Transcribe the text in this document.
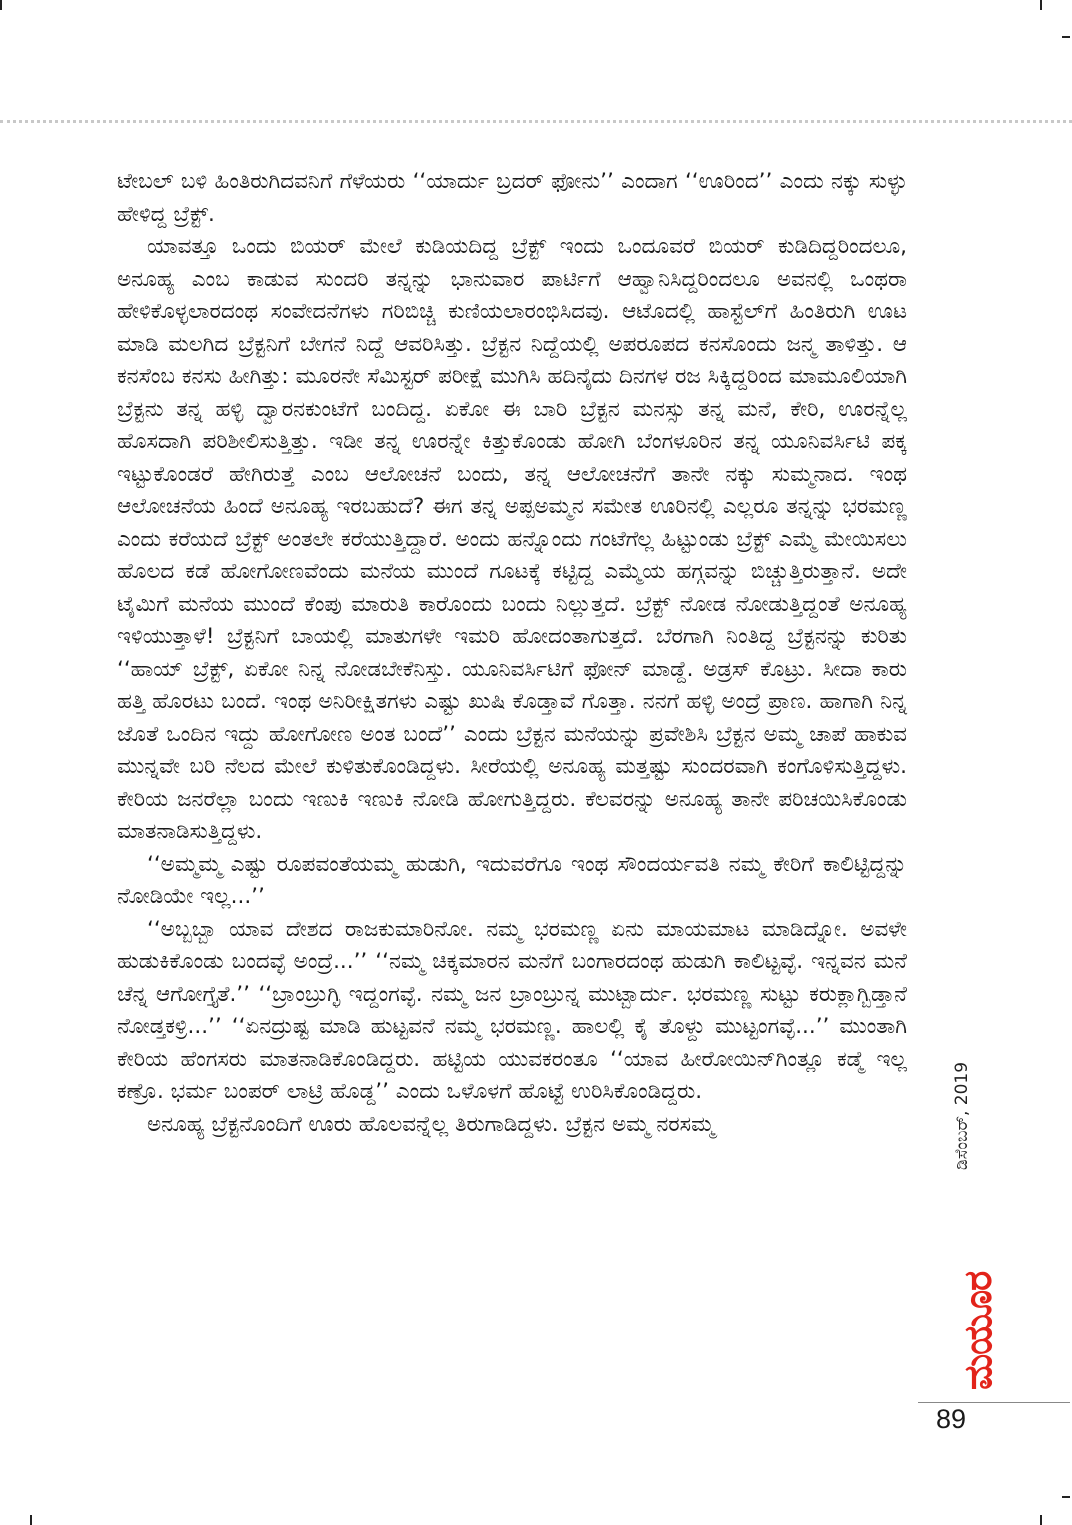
ಟೇಬಲ್ ಬಳಿ ಹಿಂತಿರುಗಿದವನಿಗೆ ಗೆಳೆಯರು ‘‘ಯಾರ್ದು ಬ್ರದರ್ ಫೋನು’’ ಎಂದಾಗ ‘‘ಊರಿಂದ’’ ಎಂದು ನಕ್ಕು ಸುಳ್ಳು ಹೇಳಿದ್ದ ಬ್ರೆಕ್ಟ್.

ಯಾವತ್ತೂ ಒಂದು ಬಿಯರ್ ಮೇಲೆ ಕುಡಿಯದಿದ್ದ ಬ್ರೆಕ್ಟ್ ಇಂದು ಒಂದೂವರೆ ಬಿಯರ್ ಕುಡಿದಿದ್ದರಿಂದಲೂ, ಅನೂಹ್ಯ ಎಂಬ ಕಾಡುವ ಸುಂದರಿ ತನ್ನನ್ನು ಭಾನುವಾರ ಪಾರ್ಟಿಗೆ ಆಹ್ವಾನಿಸಿದ್ದರಿಂದಲೂ ಅವನಲ್ಲಿ ಒಂಥರಾ ಹೇಳಿಕೊಳ್ಳಲಾರದಂಥ ಸಂವೇದನೆಗಳು ಗರಿಬಿಚ್ಚಿ ಕುಣಿಯಲಾರಂಭಿಸಿದವು. ಆಟೊದಲ್ಲಿ ಹಾಸ್ಟೆಲ್‌ಗೆ ಹಿಂತಿರುಗಿ ಊಟ ಮಾಡಿ ಮಲಗಿದ ಬ್ರೆಕ್ಟನಿಗೆ ಬೇಗನೆ ನಿದ್ದೆ ಆವರಿಸಿತ್ತು. ಬ್ರೆಕ್ಟನ ನಿದ್ದೆಯಲ್ಲಿ ಅಪರೂಪದ ಕನಸೊಂದು ಜನ್ಮ ತಾಳಿತ್ತು. ಆ ಕನಸೆಂಬ ಕನಸು ಹೀಗಿತ್ತು: ಮೂರನೇ ಸೆಮಿಸ್ಟರ್ ಪರೀಕ್ಷೆ ಮುಗಿಸಿ ಹದಿನೈದು ದಿನಗಳ ರಜ ಸಿಕ್ಕಿದ್ದರಿಂದ ಮಾಮೂಲಿಯಾಗಿ ಬ್ರೆಕ್ಟನು ತನ್ನ ಹಳ್ಳಿ ದ್ವಾರನಕುಂಟೆಗೆ ಬಂದಿದ್ದ. ಏಕೋ ಈ ಬಾರಿ ಬ್ರೆಕ್ಟನ ಮನಸ್ಸು ತನ್ನ ಮನೆ, ಕೇರಿ, ಊರನ್ನೆಲ್ಲ ಹೊಸದಾಗಿ ಪರಿಶೀಲಿಸುತ್ತಿತ್ತು. ಇಡೀ ತನ್ನ ಊರನ್ನೇ ಕಿತ್ತುಕೊಂಡು ಹೋಗಿ ಬೆಂಗಳೂರಿನ ತನ್ನ ಯೂನಿವರ್ಸಿಟಿ ಪಕ್ಕ ಇಟ್ಟುಕೊಂಡರೆ ಹೇಗಿರುತ್ತೆ ಎಂಬ ಆಲೋಚನೆ ಬಂದು, ತನ್ನ ಆಲೋಚನೆಗೆ ತಾನೇ ನಕ್ಕು ಸುಮ್ಮನಾದ. ಇಂಥ ಆಲೋಚನೆಯ ಹಿಂದೆ ಅನೂಹ್ಯ ಇರಬಹುದೆ? ಈಗ ತನ್ನ ಅಪ್ಪಅಮ್ಮನ ಸಮೇತ ಊರಿನಲ್ಲಿ ಎಲ್ಲರೂ ತನ್ನನ್ನು ಭರಮಣ್ಣ ಎಂದು ಕರೆಯದೆ ಬ್ರೆಕ್ಟ್ ಅಂತಲೇ ಕರೆಯುತ್ತಿದ್ದಾರೆ. ಅಂದು ಹನ್ನೊಂದು ಗಂಟೆಗೆಲ್ಲ ಹಿಟ್ಟುಂಡು ಬ್ರೆಕ್ಟ್ ಎಮ್ಮೆ ಮೇಯಿಸಲು ಹೊಲದ ಕಡೆ ಹೋಗೋಣವೆಂದು ಮನೆಯ ಮುಂದೆ ಗೂಟಕ್ಕೆ ಕಟ್ಟಿದ್ದ ಎಮ್ಮೆಯ ಹಗ್ಗವನ್ನು ಬಿಚ್ಚುತ್ತಿರುತ್ತಾನೆ. ಅದೇ ಟೈಮಿಗೆ ಮನೆಯ ಮುಂದೆ ಕೆಂಪು ಮಾರುತಿ ಕಾರೊಂದು ಬಂದು ನಿಲ್ಲುತ್ತದೆ. ಬ್ರೆಕ್ಟ್ ನೋಡ ನೋಡುತ್ತಿದ್ದಂತೆ ಅನೂಹ್ಯ ಇಳಿಯುತ್ತಾಳೆ! ಬ್ರೆಕ್ಟನಿಗೆ ಬಾಯಲ್ಲಿ ಮಾತುಗಳೇ ಇಮರಿ ಹೋದಂತಾಗುತ್ತದೆ. ಬೆರಗಾಗಿ ನಿಂತಿದ್ದ ಬ್ರೆಕ್ಟನನ್ನು ಕುರಿತು ‘‘ಹಾಯ್ ಬ್ರೆಕ್ಟ್, ಏಕೋ ನಿನ್ನ ನೋಡಬೇಕೆನಿಸ್ತು. ಯೂನಿವರ್ಸಿಟಿಗೆ ಫೋನ್ ಮಾಡ್ದೆ. ಅಡ್ರಸ್ ಕೊಟ್ರು. ಸೀದಾ ಕಾರು ಹತ್ತಿ ಹೊರಟು ಬಂದೆ. ಇಂಥ ಅನಿರೀಕ್ಷಿತಗಳು ಎಷ್ಟು ಖುಷಿ ಕೊಡ್ತಾವೆ ಗೊತ್ತಾ. ನನಗೆ ಹಳ್ಳಿ ಅಂದ್ರೆ ಪ್ರಾಣ. ಹಾಗಾಗಿ ನಿನ್ನ ಜೊತೆ ಒಂದಿನ ಇದ್ದು ಹೋಗೋಣ ಅಂತ ಬಂದೆ’’ ಎಂದು ಬ್ರೆಕ್ಟನ ಮನೆಯನ್ನು ಪ್ರವೇಶಿಸಿ ಬ್ರೆಕ್ಟನ ಅಮ್ಮ ಚಾಪೆ ಹಾಕುವ ಮುನ್ನವೇ ಬರಿ ನೆಲದ ಮೇಲೆ ಕುಳಿತುಕೊಂಡಿದ್ದಳು. ಸೀರೆಯಲ್ಲಿ ಅನೂಹ್ಯ ಮತ್ತಷ್ಟು ಸುಂದರವಾಗಿ ಕಂಗೊಳಿಸುತ್ತಿದ್ದಳು. ಕೇರಿಯ ಜನರೆಲ್ಲಾ ಬಂದು ಇಣುಕಿ ಇಣುಕಿ ನೋಡಿ ಹೋಗುತ್ತಿದ್ದರು. ಕೆಲವರನ್ನು ಅನೂಹ್ಯ ತಾನೇ ಪರಿಚಯಿಸಿಕೊಂಡು ಮಾತನಾಡಿಸುತ್ತಿದ್ದಳು.

‘‘ಅಮ್ಮಮ್ಮ ಎಷ್ಟು ರೂಪವಂತೆಯಮ್ಮ ಹುಡುಗಿ, ಇದುವರೆಗೂ ಇಂಥ ಸೌಂದರ್ಯವತಿ ನಮ್ಮ ಕೇರಿಗೆ ಕಾಲಿಟ್ಟಿದ್ದನ್ನು ನೋಡಿಯೇ ಇಲ್ಲ...’’

‘‘ಅಬ್ಬಬ್ಬಾ ಯಾವ ದೇಶದ ರಾಜಕುಮಾರಿನೋ. ನಮ್ಮ ಭರಮಣ್ಣ ಏನು ಮಾಯಮಾಟ ಮಾಡಿದ್ನೋ. ಅವಳೇ ಹುಡುಕಿಕೊಂಡು ಬಂದವ್ಳೆ ಅಂದ್ರೆ...’’ ‘‘ನಮ್ಮ ಚಿಕ್ಕಮಾರನ ಮನೆಗೆ ಬಂಗಾರದಂಥ ಹುಡುಗಿ ಕಾಲಿಟ್ಟವ್ಳೆ. ಇನ್ನವನ ಮನೆ ಚೆನ್ನ ಆಗೋಗ್ತೈತೆ.’’ ‘‘ಬ್ರಾಂಬ್ರುಗ್ಳಿ ಇದ್ದಂಗವ್ಳೆ. ನಮ್ಮ ಜನ ಬ್ರಾಂಬ್ರುನ್ನ ಮುಟ್ಬಾರ್ದು. ಭರಮಣ್ಣ ಸುಟ್ಟು ಕರುಕ್ಲಾಗ್ಬಿಡ್ತಾನೆ ನೋಡ್ತಕಳ್ರಿ...’’ ‘‘ಏನದ್ರುಷ್ಟ ಮಾಡಿ ಹುಟ್ಟವನೆ ನಮ್ಮ ಭರಮಣ್ಣ. ಹಾಲಲ್ಲಿ ಕೈ ತೊಳ್ದು ಮುಟ್ಟಂಗವ್ಳೆ...’’ ಮುಂತಾಗಿ ಕೇರಿಯ ಹೆಂಗಸರು ಮಾತನಾಡಿಕೊಂಡಿದ್ದರು. ಹಟ್ಟಿಯ ಯುವಕರಂತೂ ‘‘ಯಾವ ಹೀರೋಯಿನ್‌ಗಿಂತ್ಲೂ ಕಡ್ಮೆ ಇಲ್ಲ ಕಣ್ರೊ. ಭರ್ಮ ಬಂಪರ್ ಲಾಟ್ರಿ ಹೊಡ್ದ’’ ಎಂದು ಒಳೊಳಗೆ ಹೊಟ್ಟೆ ಉರಿಸಿಕೊಂಡಿದ್ದರು.

ಅನೂಹ್ಯ ಬ್ರೆಕ್ಟನೊಂದಿಗೆ ಊರು ಹೊಲವನ್ನೆಲ್ಲ ತಿರುಗಾಡಿದ್ದಳು. ಬ್ರೆಕ್ಟನ ಅಮ್ಮ ನರಸಮ್ಮ	ಡಿಸೆಂಬರ್, 2019
ಮಯೂರ
89
